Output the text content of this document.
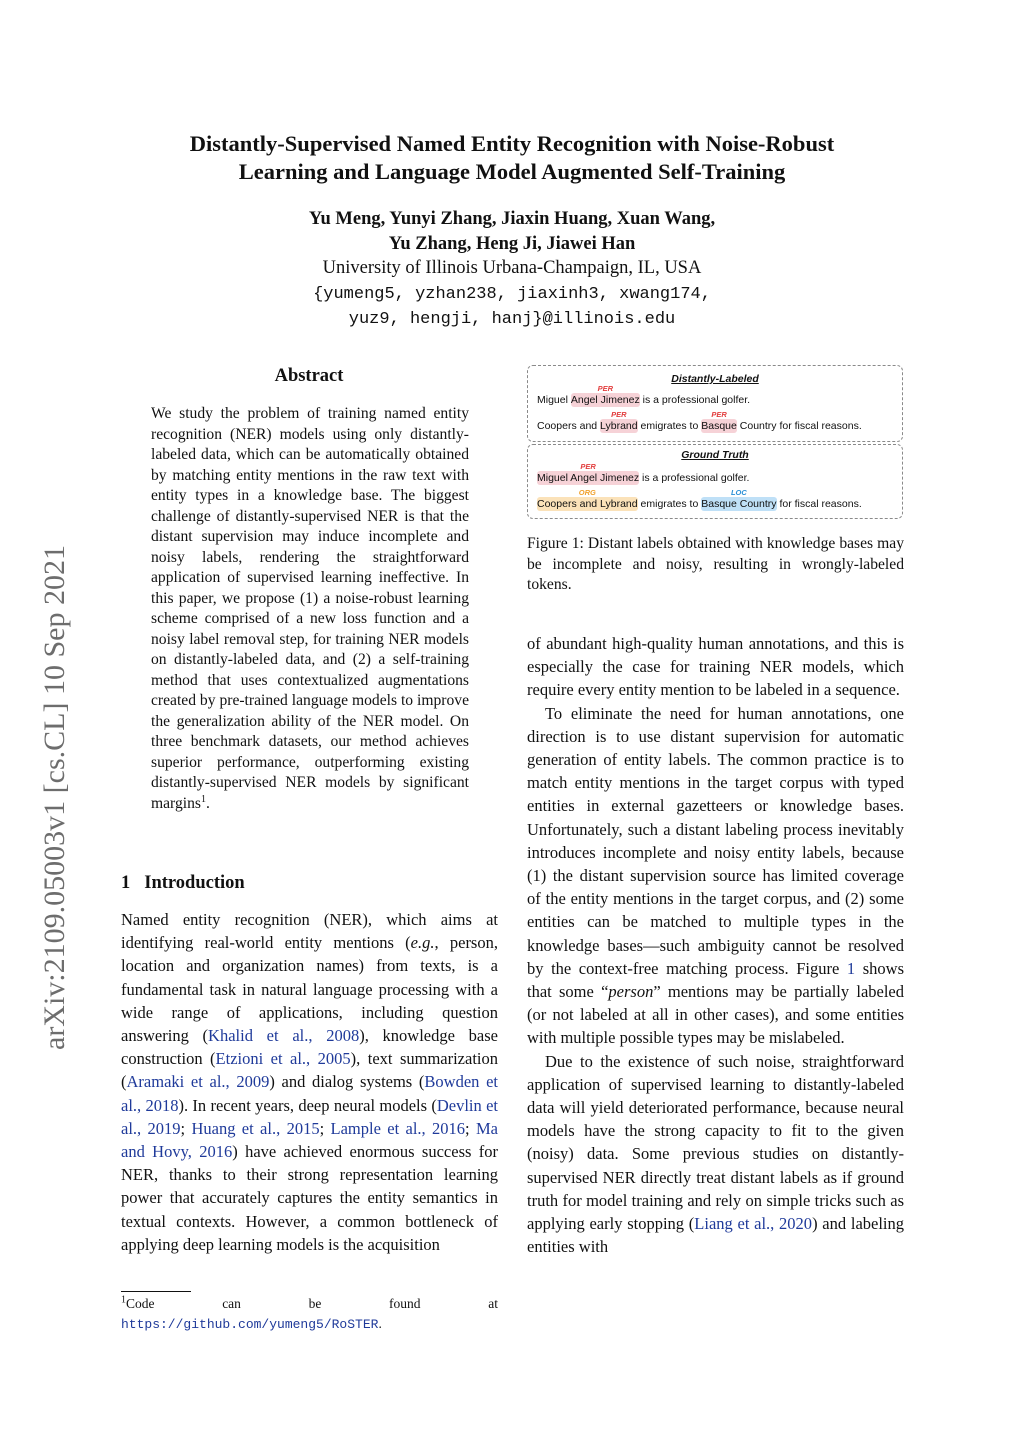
Distantly-Supervised Named Entity Recognition with Noise-Robust
Learning and Language Model Augmented Self-Training
Yu Meng, Yunyi Zhang, Jiaxin Huang, Xuan Wang,
Yu Zhang, Heng Ji, Jiawei Han
University of Illinois Urbana-Champaign, IL, USA
{yumeng5, yzhan238, jiaxinh3, xwang174,
yuz9, hengji, hanj}@illinois.edu
arXiv:2109.05003v1 [cs.CL] 10 Sep 2021
Abstract

We study the problem of training named entity recognition (NER) models using only distantly-labeled data, which can be automatically obtained by matching entity mentions in the raw text with entity types in a knowledge base. The biggest challenge of distantly-supervised NER is that the distant supervision may induce incomplete and noisy labels, rendering the straightforward application of supervised learning ineffective. In this paper, we propose (1) a noise-robust learning scheme comprised of a new loss function and a noisy label removal step, for training NER models on distantly-labeled data, and (2) a self-training method that uses contextualized augmentations created by pre-trained language models to improve the generalization ability of the NER model. On three benchmark datasets, our method achieves superior performance, outperforming existing distantly-supervised NER models by significant margins$^1$.

1 Introduction

Named entity recognition (NER), which aims at identifying real-world entity mentions (e.g., person, location and organization names) from texts, is a fundamental task in natural language processing with a wide range of applications, including question answering (Khalid et al., 2008), knowledge base construction (Etzioni et al., 2005), text summarization (Aramaki et al., 2009) and dialog systems (Bowden et al., 2018). In recent years, deep neural models (Devlin et al., 2019; Huang et al., 2015; Lample et al., 2016; Ma and Hovy, 2016) have achieved enormous success for NER, thanks to their strong representation learning power that accurately captures the entity semantics in textual contexts. However, a common bottleneck of applying deep learning models is the acquisition

$^1$Code can be found at https://github.com/yumeng5/RoSTER.
Distantly-Labeled
Ground Truth
Miguel
PER
Angel Jimenez is a professional golfer.
Coopers and
PER
Lybrand emigrates to
PER
Basque Country for fiscal reasons.
PER
Miguel Angel Jimenez is a professional golfer.
ORG
Coopers and Lybrand emigrates to
LOC
Basque Country for fiscal reasons.
Figure 1: Distant labels obtained with knowledge bases may be incomplete and noisy, resulting in wrongly-labeled tokens.

of abundant high-quality human annotations, and this is especially the case for training NER models, which require every entity mention to be labeled in a sequence.

To eliminate the need for human annotations, one direction is to use distant supervision for automatic generation of entity labels. The common practice is to match entity mentions in the target corpus with typed entities in external gazetteers or knowledge bases. Unfortunately, such a distant labeling process inevitably introduces incomplete and noisy entity labels, because (1) the distant supervision source has limited coverage of the entity mentions in the target corpus, and (2) some entities can be matched to multiple types in the knowledge bases—such ambiguity cannot be resolved by the context-free matching process. Figure 1 shows that some “person” mentions may be partially labeled (or not labeled at all in other cases), and some entities with multiple possible types may be mislabeled.

Due to the existence of such noise, straightforward application of supervised learning to distantly-labeled data will yield deteriorated performance, because neural models have the strong capacity to fit to the given (noisy) data. Some previous studies on distantly-supervised NER directly treat distant labels as if ground truth for model training and rely on simple tricks such as applying early stopping (Liang et al., 2020) and labeling entities with
